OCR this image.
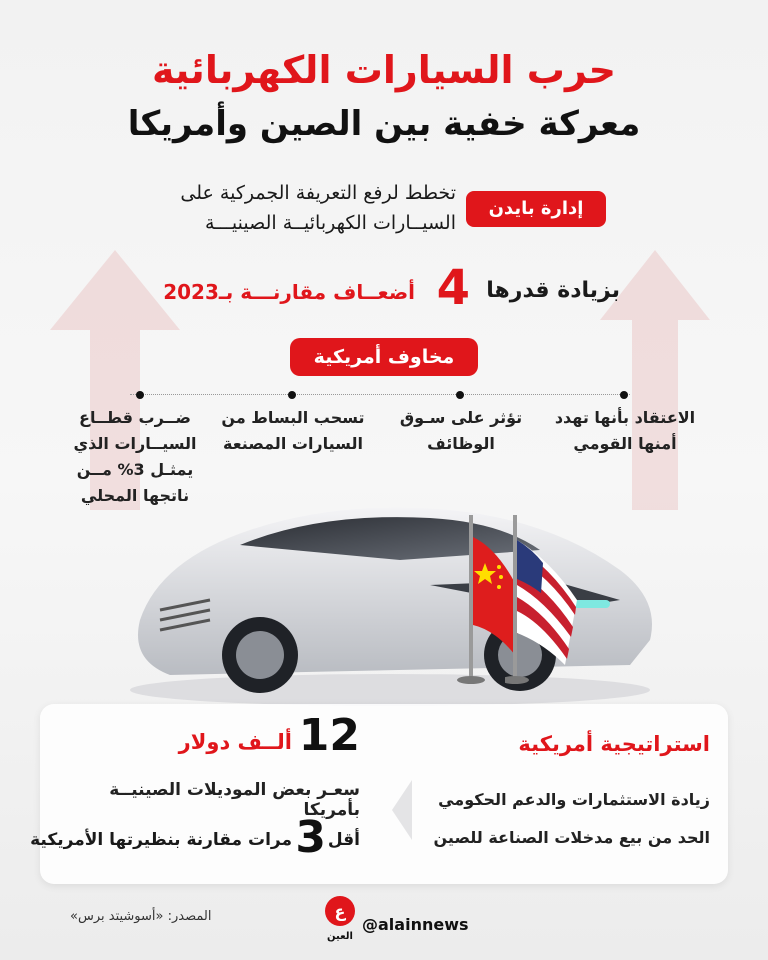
حرب السيارات الكهربائية
معركة خفية بين الصين وأمريكا
إدارة بايدن
تخطط لرفع التعريفة الجمركية على
السيــارات الكهربائيــة الصينيـــة
بزيادة قدرها
4
أضعــاف مقارنـــة بـ2023
مخاوف أمريكية
الاعتقاد بأنها تهدد
أمنها القومي
تؤثر على سـوق
الوظائف
تسحب البساط من
السيارات المصنعة
ضــرب قطــاع
السيــارات الذي
يمثـل 3% مــن
ناتجها المحلي
استراتيجية أمريكية
زيادة الاستثمارات والدعم الحكومي
الحد من بيع مدخلات الصناعة للصين
12
ألــف دولار
سعـر بعض الموديلات الصينيــة بأمريكا
أقل
3
مرات مقارنة بنظيرتها الأمريكية
المصدر: «أسوشيتد برس»	ع
العين
@alainnews
